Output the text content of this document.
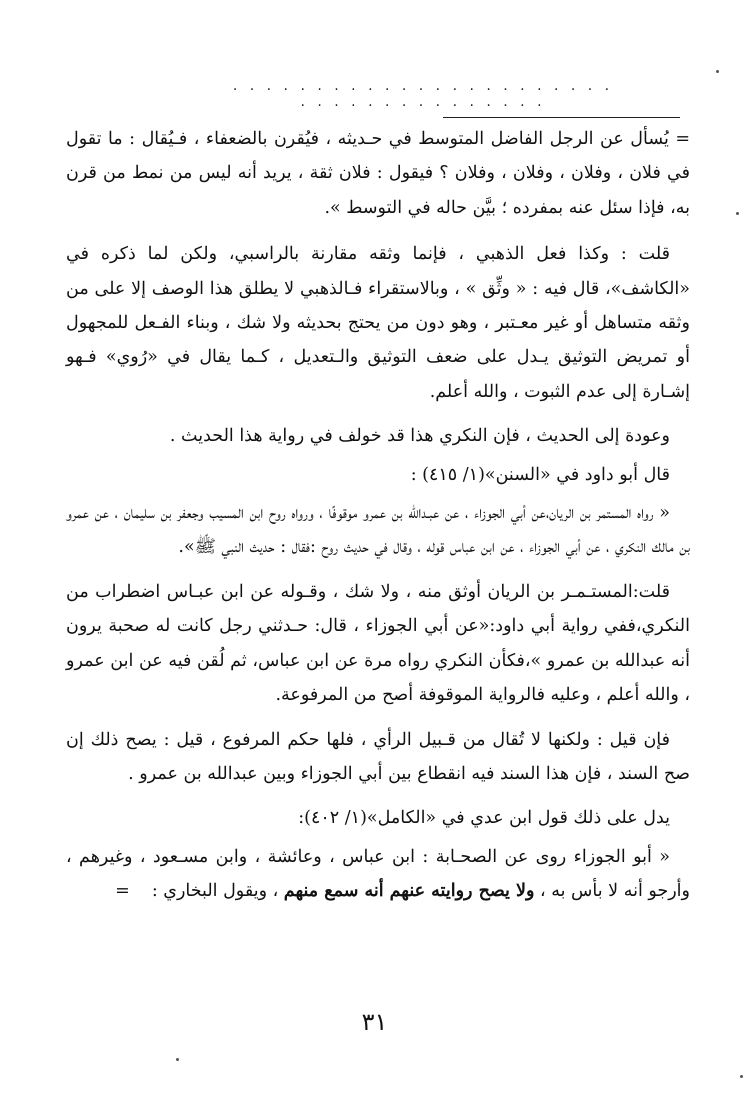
. . . . . . . . . . . . . . . . . . . . . . . . . . . . . . . . . . . . . .

= يُسأل عن الرجل الفاضل المتوسط في حـديثه ، فيُقرن بالضعفاء ، فـيُقال : ما تقول في فلان ، وفلان ، وفلان ، وفلان ؟ فيقول : فلان ثقة ، يريد أنه ليس من نمط من قرن به، فإذا سئل عنه بمفرده ؛ بيَّن حاله في التوسط ».

قلت : وكذا فعل الذهبي ، فإنما وثقه مقارنة بالراسبي، ولكن لما ذكره في «الكاشف»، قال فيه : « وثِّق » ، وبالاستقراء فـالذهبي لا يطلق هذا الوصف إلا على من وثقه متساهل أو غير معـتبر ، وهو دون من يحتج بحديثه ولا شك ، وبناء الفـعل للمجهول أو تمريض التوثيق يـدل على ضعف التوثيق والـتعديل ، كـما يقال في «رُوي» فـهو إشـارة إلى عدم الثبوت ، والله أعلم.

وعودة إلى الحديث ، فإن النكري هذا قد خولف في رواية هذا الحديث .

قال أبو داود في «السنن»(١/ ٤١٥) :

« رواه المستمر بن الريان،عن أبي الجوزاء ، عن عبـدالله بن عمرو موقوفًا ، ورواه روح ابن المسيب وجعفر بن سليمان ، عن عمرو بن مالك النكري ، عن أبي الجوزاء ، عن ابن عباس قوله ، وقال في حديث روح :فقال : حديث النبي ﷺ».

قلت:المستـمـر بن الريان أوثق منه ، ولا شك ، وقـوله عن ابن عبـاس اضطراب من النكري،ففي رواية أبي داود:«عن أبي الجوزاء ، قال: حـدثني رجل كانت له صحبة يرون أنه عبدالله بن عمرو »،فكأن النكري رواه مرة عن ابن عباس، ثم لُقن فيه عن ابن عمرو ، والله أعلم ، وعليه فالرواية الموقوفة أصح من المرفوعة.

فإن قيل : ولكنها لا تُقال من قـبيل الرأي ، فلها حكم المرفوع ، قيل : يصح ذلك إن صح السند ، فإن هذا السند فيه انقطاع بين أبي الجوزاء وبين عبدالله بن عمرو .

يدل على ذلك قول ابن عدي في «الكامل»(١/ ٤٠٢):

« أبو الجوزاء روى عن الصحـابة : ابن عباس ، وعائشة ، وابن مسـعود ، وغيرهم ، وأرجو أنه لا بأس به ، ولا يصح روايته عنهم أنه سمع منهم ، ويقول البخاري :=

٣١
